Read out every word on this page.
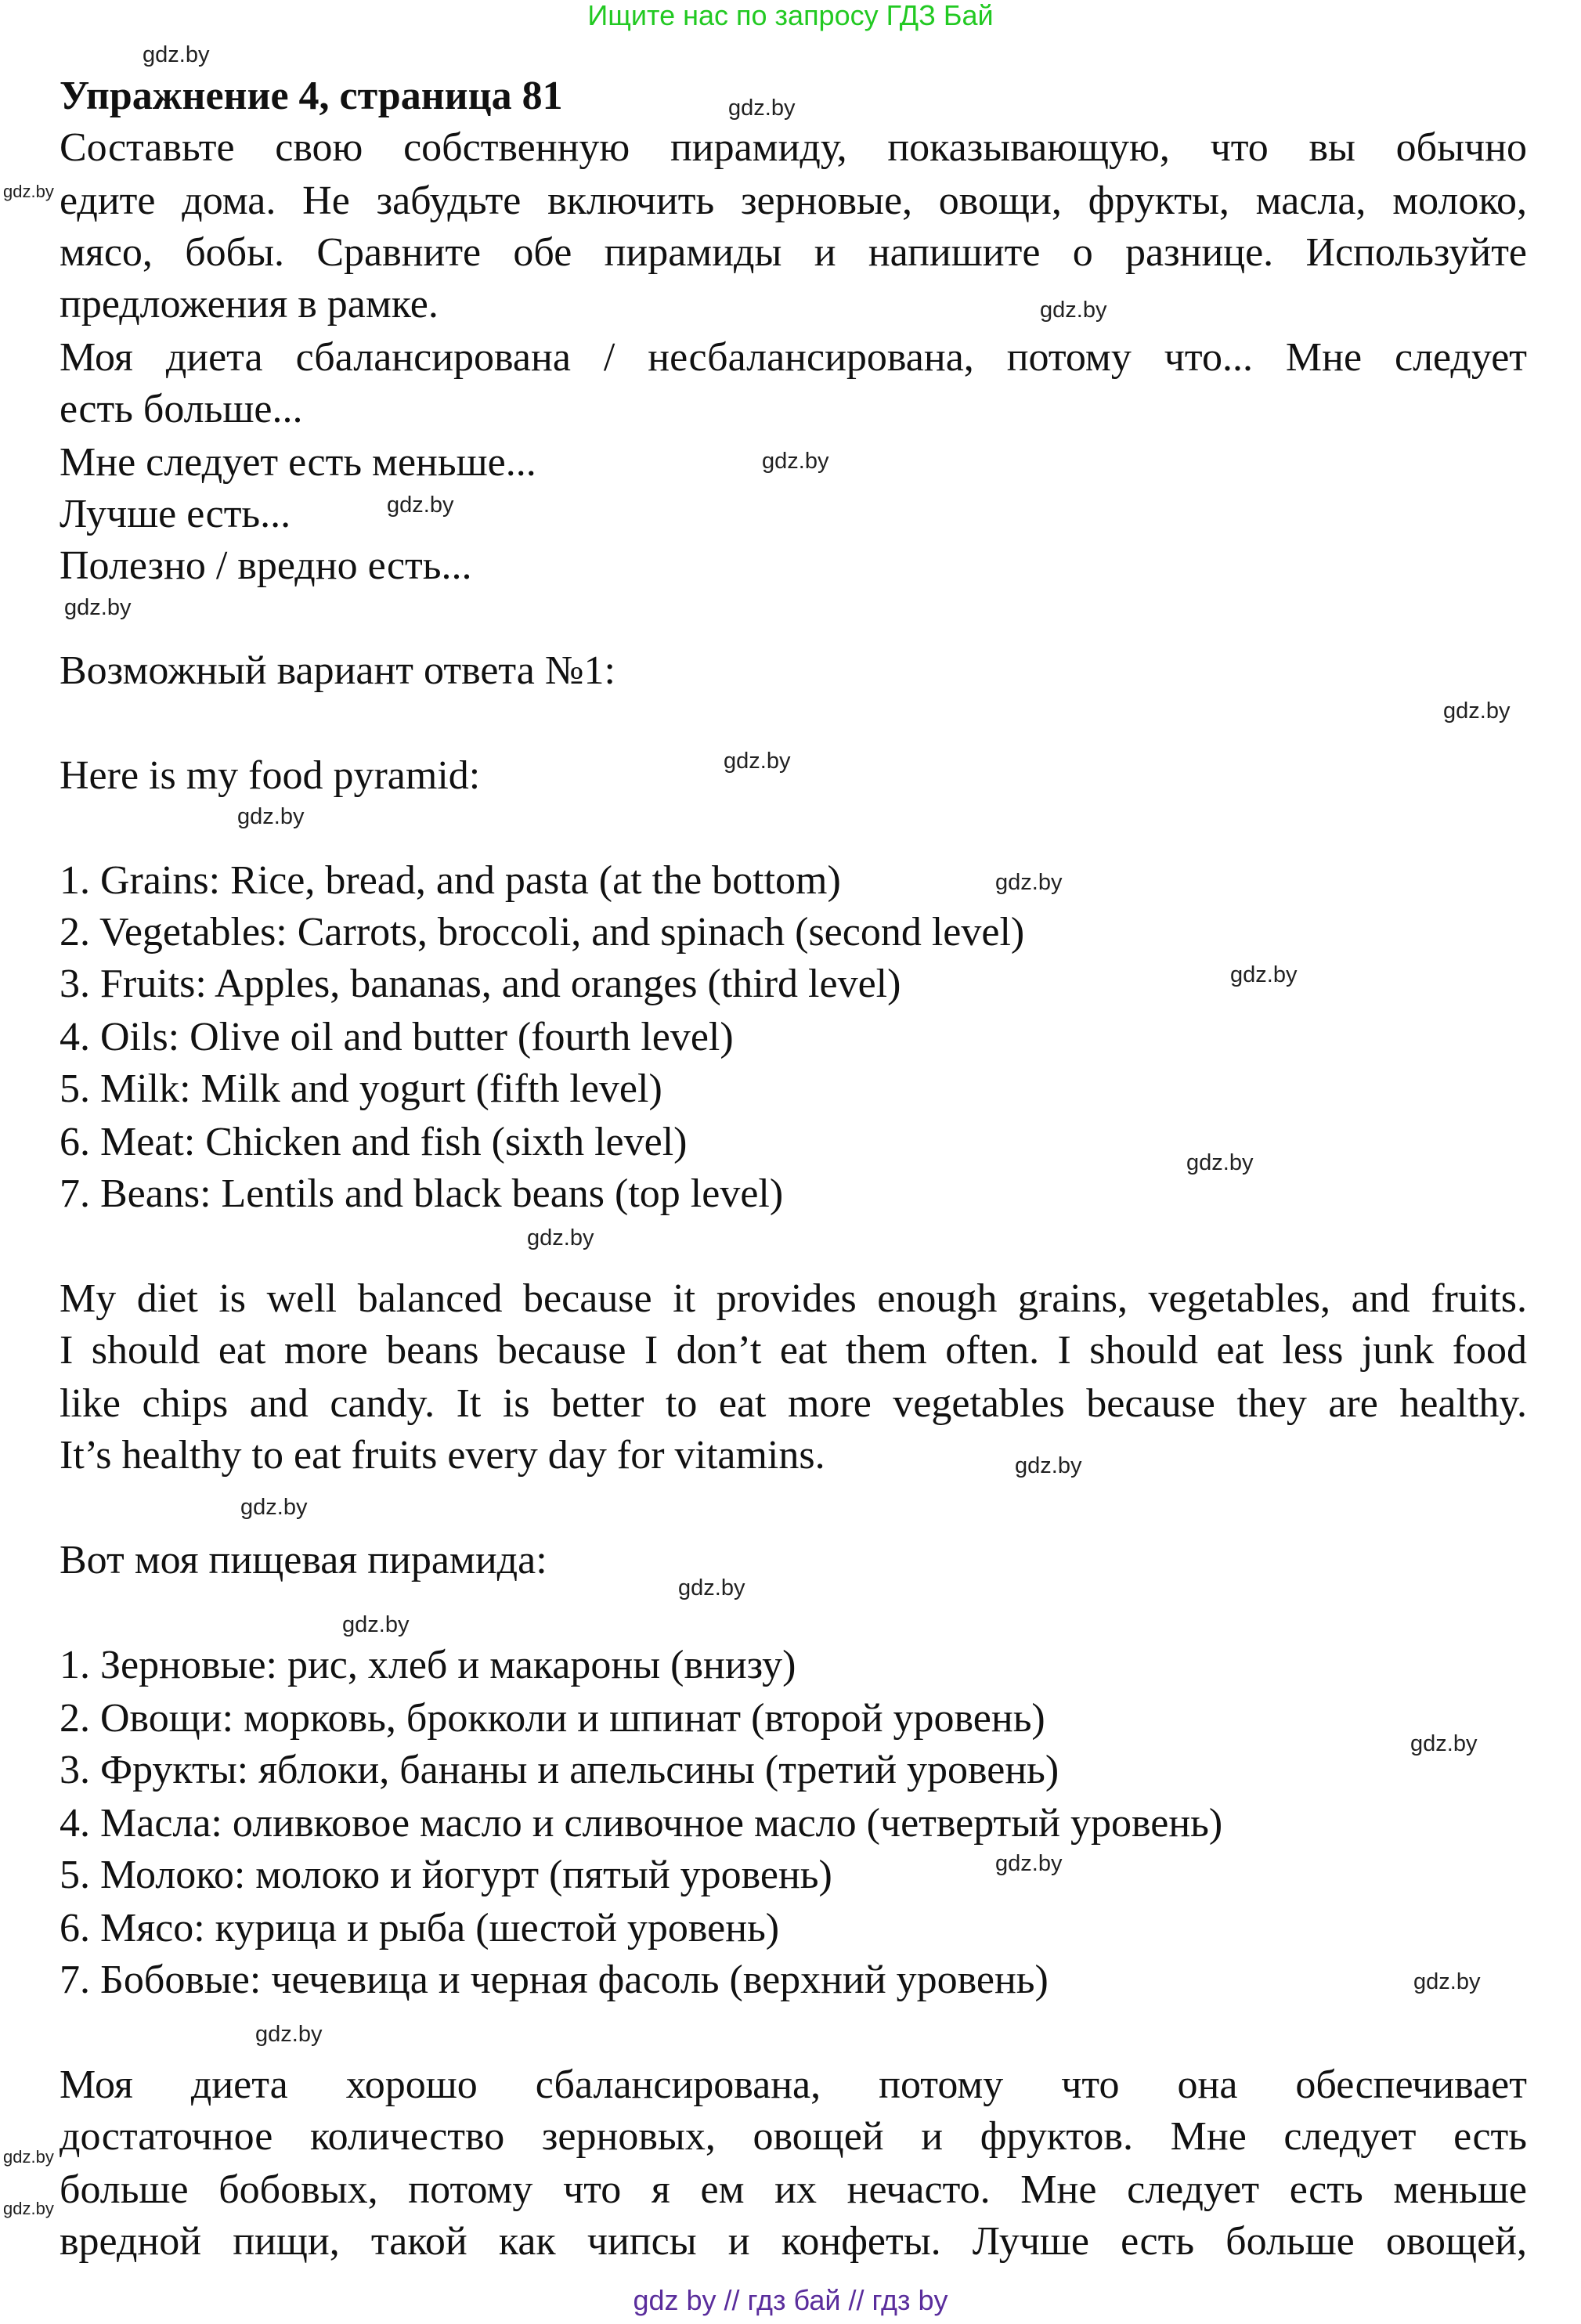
Ищите нас по запросу ГДЗ Бай
Упражнение 4, страница 81
Составьте свою собственную пирамиду, показывающую, что вы обычно
едите дома. Не забудьте включить зерновые, овощи, фрукты, масла, молоко,
мясо, бобы. Сравните обе пирамиды и напишите о разнице. Используйте
предложения в рамке.
Моя диета сбалансирована / несбалансирована, потому что... Мне следует
есть больше...
Мне следует есть меньше...
Лучше есть...
Полезно / вредно есть...
Возможный вариант ответа №1:
Here is my food pyramid:
1. Grains: Rice, bread, and pasta (at the bottom)
2. Vegetables: Carrots, broccoli, and spinach (second level)
3. Fruits: Apples, bananas, and oranges (third level)
4. Oils: Olive oil and butter (fourth level)
5. Milk: Milk and yogurt (fifth level)
6. Meat: Chicken and fish (sixth level)
7. Beans: Lentils and black beans (top level)
My diet is well balanced because it provides enough grains, vegetables, and fruits.
I should eat more beans because I don’t eat them often. I should eat less junk food
like chips and candy. It is better to eat more vegetables because they are healthy.
It’s healthy to eat fruits every day for vitamins.
Вот моя пищевая пирамида:
1. Зерновые: рис, хлеб и макароны (внизу)
2. Овощи: морковь, брокколи и шпинат (второй уровень)
3. Фрукты: яблоки, бананы и апельсины (третий уровень)
4. Масла: оливковое масло и сливочное масло (четвертый уровень)
5. Молоко: молоко и йогурт (пятый уровень)
6. Мясо: курица и рыба (шестой уровень)
7. Бобовые: чечевица и черная фасоль (верхний уровень)
Моя диета хорошо сбалансирована, потому что она обеспечивает
достаточное количество зерновых, овощей и фруктов. Мне следует есть
больше бобовых, потому что я ем их нечасто. Мне следует есть меньше
вредной пищи, такой как чипсы и конфеты. Лучше есть больше овощей,
gdz.by
gdz.by
gdz.by
gdz.by
gdz.by
gdz.by
gdz.by
gdz.by
gdz.by
gdz.by
gdz.by
gdz.by
gdz.by
gdz.by
gdz.by
gdz.by
gdz.by
gdz.by
gdz.by
gdz.by
gdz.by
gdz.by
gdz.by
gdz.by
gdz by // гдз бай // гдз by
